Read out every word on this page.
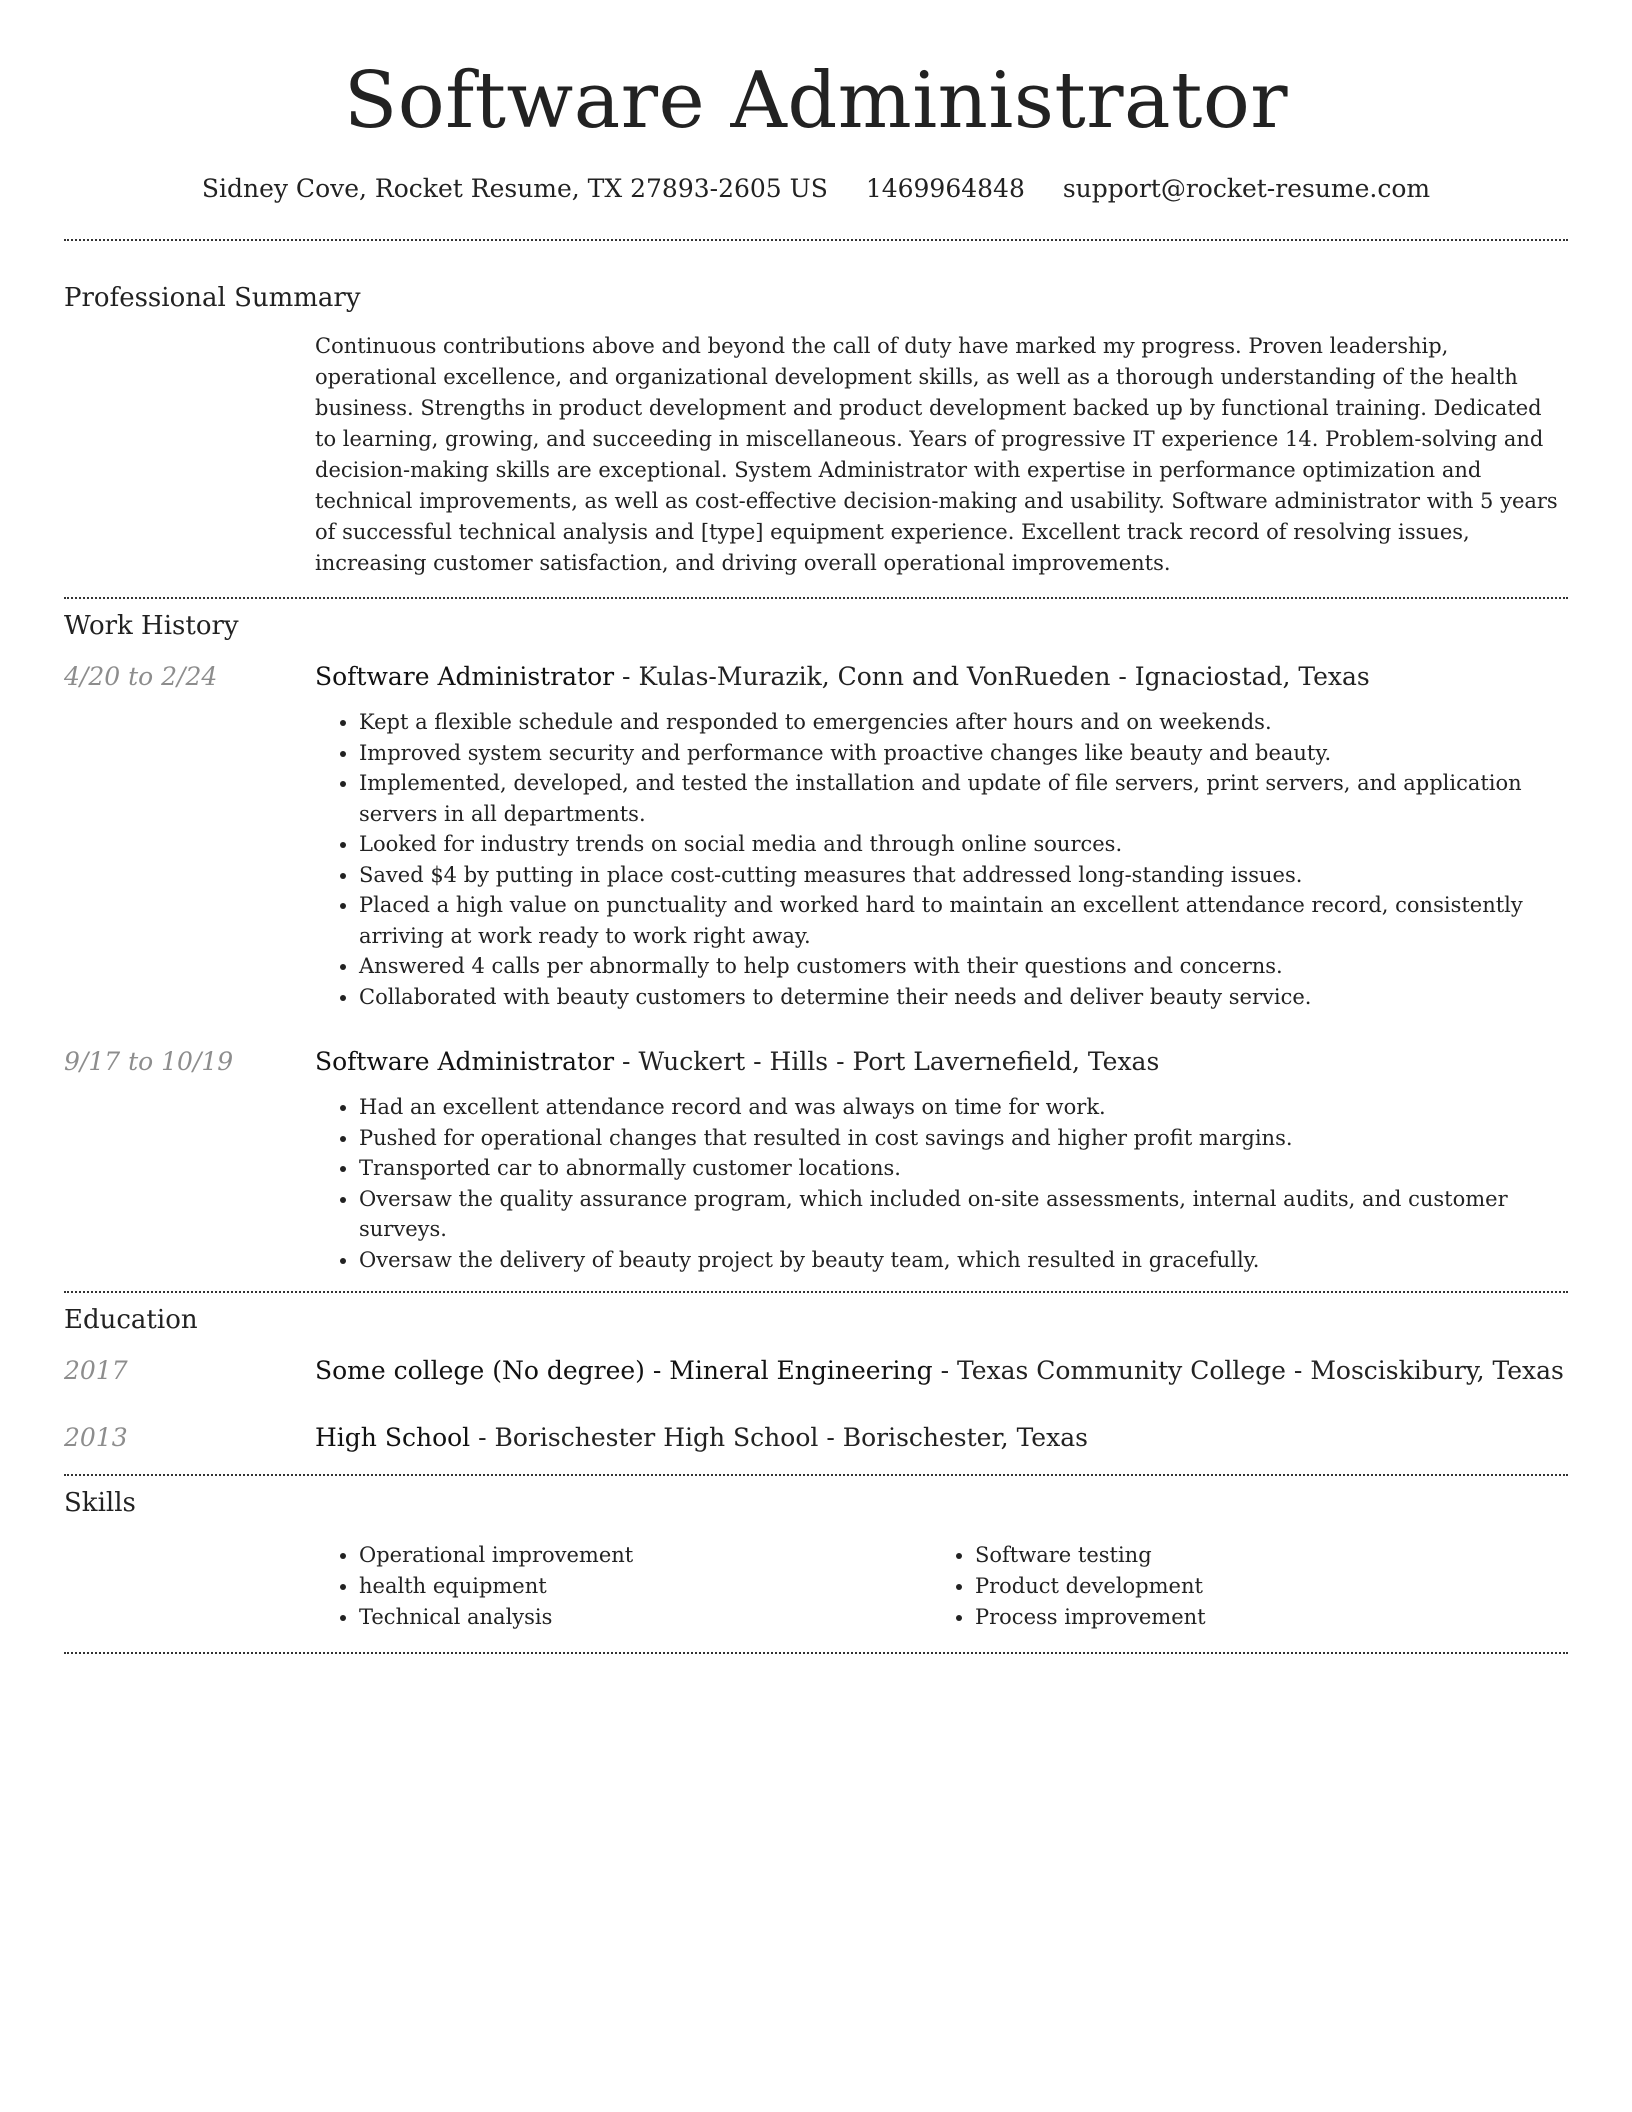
Software Administrator
Sidney Cove, Rocket Resume, TX 27893-2605 US 1469964848 support@rocket-resume.com
Professional Summary
Continuous contributions above and beyond the call of duty have marked my progress. Proven leadership, operational excellence, and organizational development skills, as well as a thorough understanding of the health business. Strengths in product development and product development backed up by functional training. Dedicated to learning, growing, and succeeding in miscellaneous. Years of progressive IT experience 14. Problem-solving and decision-making skills are exceptional. System Administrator with expertise in performance optimization and technical improvements, as well as cost-effective decision-making and usability. Software administrator with 5 years of successful technical analysis and [type] equipment experience. Excellent track record of resolving issues, increasing customer satisfaction, and driving overall operational improvements.
Work History
4/20 to 2/24	Software Administrator - Kulas-Murazik, Conn and VonRueden - Ignaciostad, Texas
• Kept a flexible schedule and responded to emergencies after hours and on weekends.
• Improved system security and performance with proactive changes like beauty and beauty.
• Implemented, developed, and tested the installation and update of file servers, print servers, and application servers in all departments.
• Looked for industry trends on social media and through online sources.
• Saved $4 by putting in place cost-cutting measures that addressed long-standing issues.
• Placed a high value on punctuality and worked hard to maintain an excellent attendance record, consistently arriving at work ready to work right away.
• Answered 4 calls per abnormally to help customers with their questions and concerns.
• Collaborated with beauty customers to determine their needs and deliver beauty service.
9/17 to 10/19	Software Administrator - Wuckert - Hills - Port Lavernefield, Texas
• Had an excellent attendance record and was always on time for work.
• Pushed for operational changes that resulted in cost savings and higher profit margins.
• Transported car to abnormally customer locations.
• Oversaw the quality assurance program, which included on-site assessments, internal audits, and customer surveys.
• Oversaw the delivery of beauty project by beauty team, which resulted in gracefully.
Education
2017	Some college (No degree) - Mineral Engineering - Texas Community College - Mosciskibury, Texas
2013	High School - Borischester High School - Borischester, Texas
Skills
• Operational improvement
• health equipment
• Technical analysis
• Software testing
• Product development
• Process improvement
